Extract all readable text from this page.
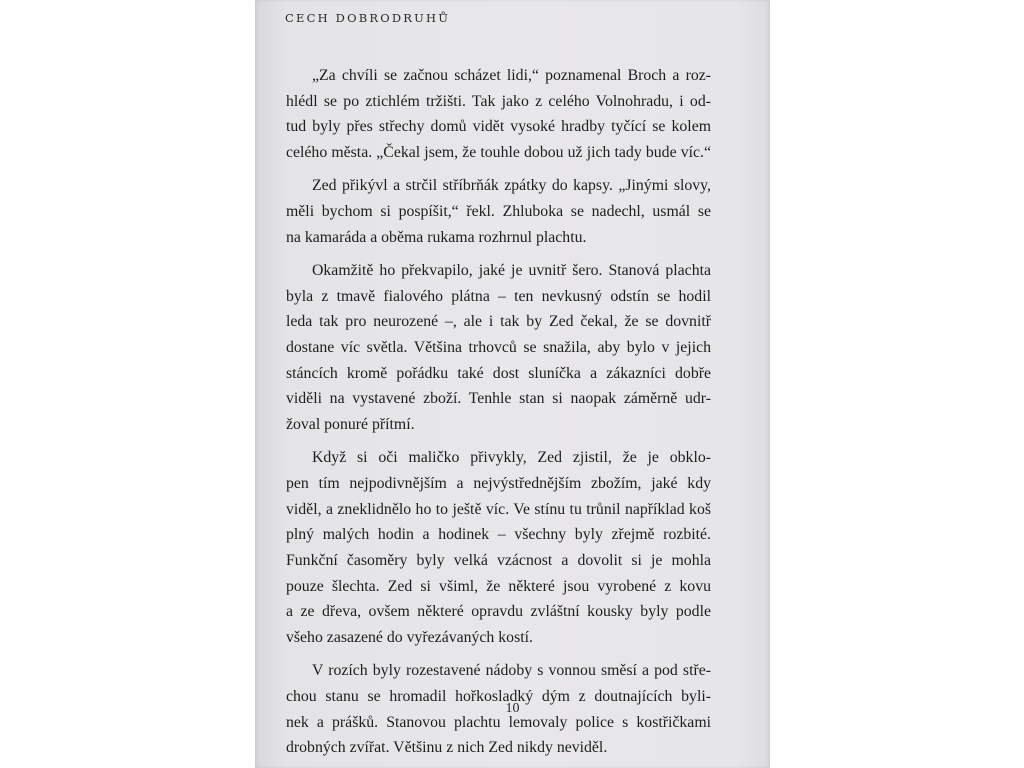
CECH DOBRODRUHŮ
„Za chvíli se začnou scházet lidi,“ poznamenal Broch a roz-
hlédl se po ztichlém tržišti. Tak jako z celého Volnohradu, i od-
tud byly přes střechy domů vidět vysoké hradby tyčící se kolem
celého města. „Čekal jsem, že touhle dobou už jich tady bude víc.“
Zed přikývl a strčil stříbrňák zpátky do kapsy. „Jinými slovy,
měli bychom si pospíšit,“ řekl. Zhluboka se nadechl, usmál se
na kamaráda a oběma rukama rozhrnul plachtu.
Okamžitě ho překvapilo, jaké je uvnitř šero. Stanová plachta
byla z tmavě fialového plátna – ten nevkusný odstín se hodil
leda tak pro neurozené –, ale i tak by Zed čekal, že se dovnitř
dostane víc světla. Většina trhovců se snažila, aby bylo v jejich
stáncích kromě pořádku také dost sluníčka a zákazníci dobře
viděli na vystavené zboží. Tenhle stan si naopak záměrně udr-
žoval ponuré přítmí.
Když si oči maličko přivykly, Zed zjistil, že je obklo-
pen tím nejpodivnějším a nejvýstřednějším zbožím, jaké kdy
viděl, a zneklidnělo ho to ještě víc. Ve stínu tu trůnil například koš
plný malých hodin a hodinek – všechny byly zřejmě rozbité.
Funkční časoměry byly velká vzácnost a dovolit si je mohla
pouze šlechta. Zed si všiml, že některé jsou vyrobené z kovu
a ze dřeva, ovšem některé opravdu zvláštní kousky byly podle
všeho zasazené do vyřezávaných kostí.
V rozích byly rozestavené nádoby s vonnou směsí a pod stře-
chou stanu se hromadil hořkosladký dým z doutnajících byli-
nek a prášků. Stanovou plachtu lemovaly police s kostřičkami
drobných zvířat. Většinu z nich Zed nikdy neviděl.
10
